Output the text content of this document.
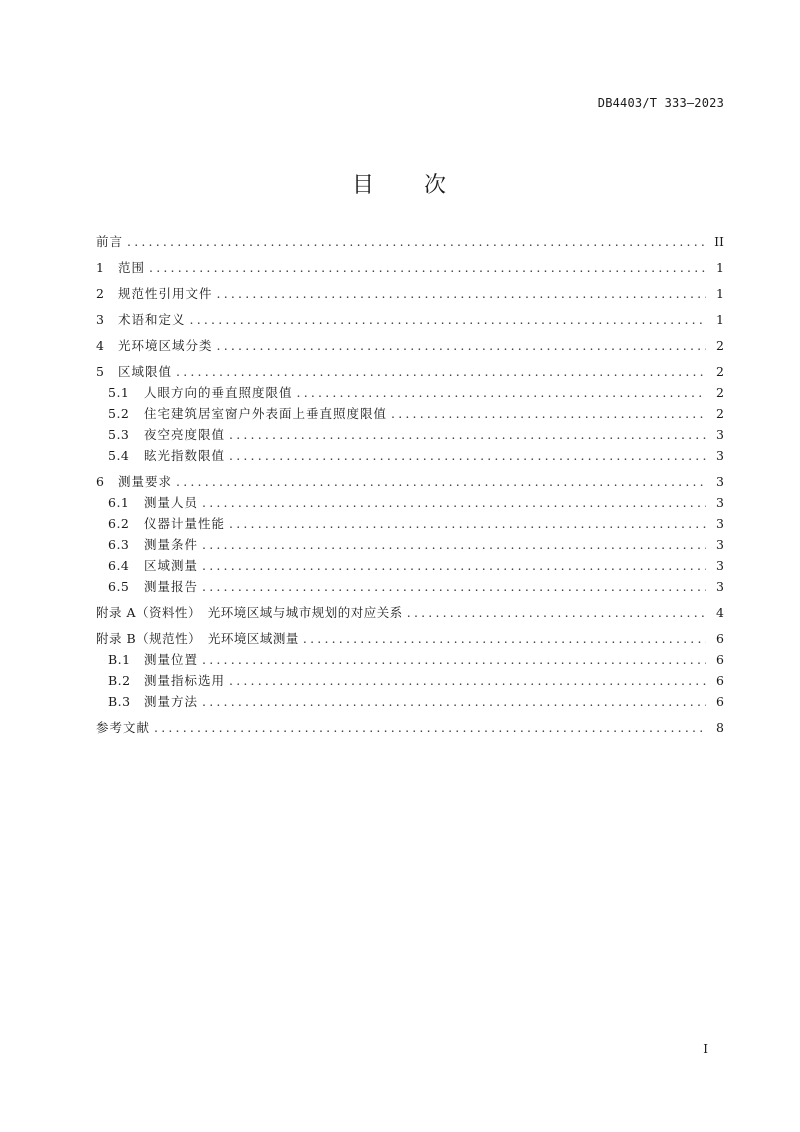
DB4403/T 333—2023
目　　次
前言 .....	II
1	范围 .....	1
2	规范性引用文件 .....	1
3	术语和定义 .....	1
4	光环境区域分类 .....	2
5	区域限值 .....	2
5.1	人眼方向的垂直照度限值 .....	2
5.2	住宅建筑居室窗户外表面上垂直照度限值 .....	2
5.3	夜空亮度限值 .....	3
5.4	眩光指数限值 .....	3
6	测量要求 .....	3
6.1	测量人员 .....	3
6.2	仪器计量性能 .....	3
6.3	测量条件 .....	3
6.4	区域测量 .....	3
6.5	测量报告 .....	3
附录 A（资料性）　光环境区域与城市规划的对应关系 .....	4
附录 B（规范性）　光环境区域测量 .....	6
B.1	测量位置 .....	6
B.2	测量指标选用 .....	6
B.3	测量方法 .....	6
参考文献 .....	8
I
